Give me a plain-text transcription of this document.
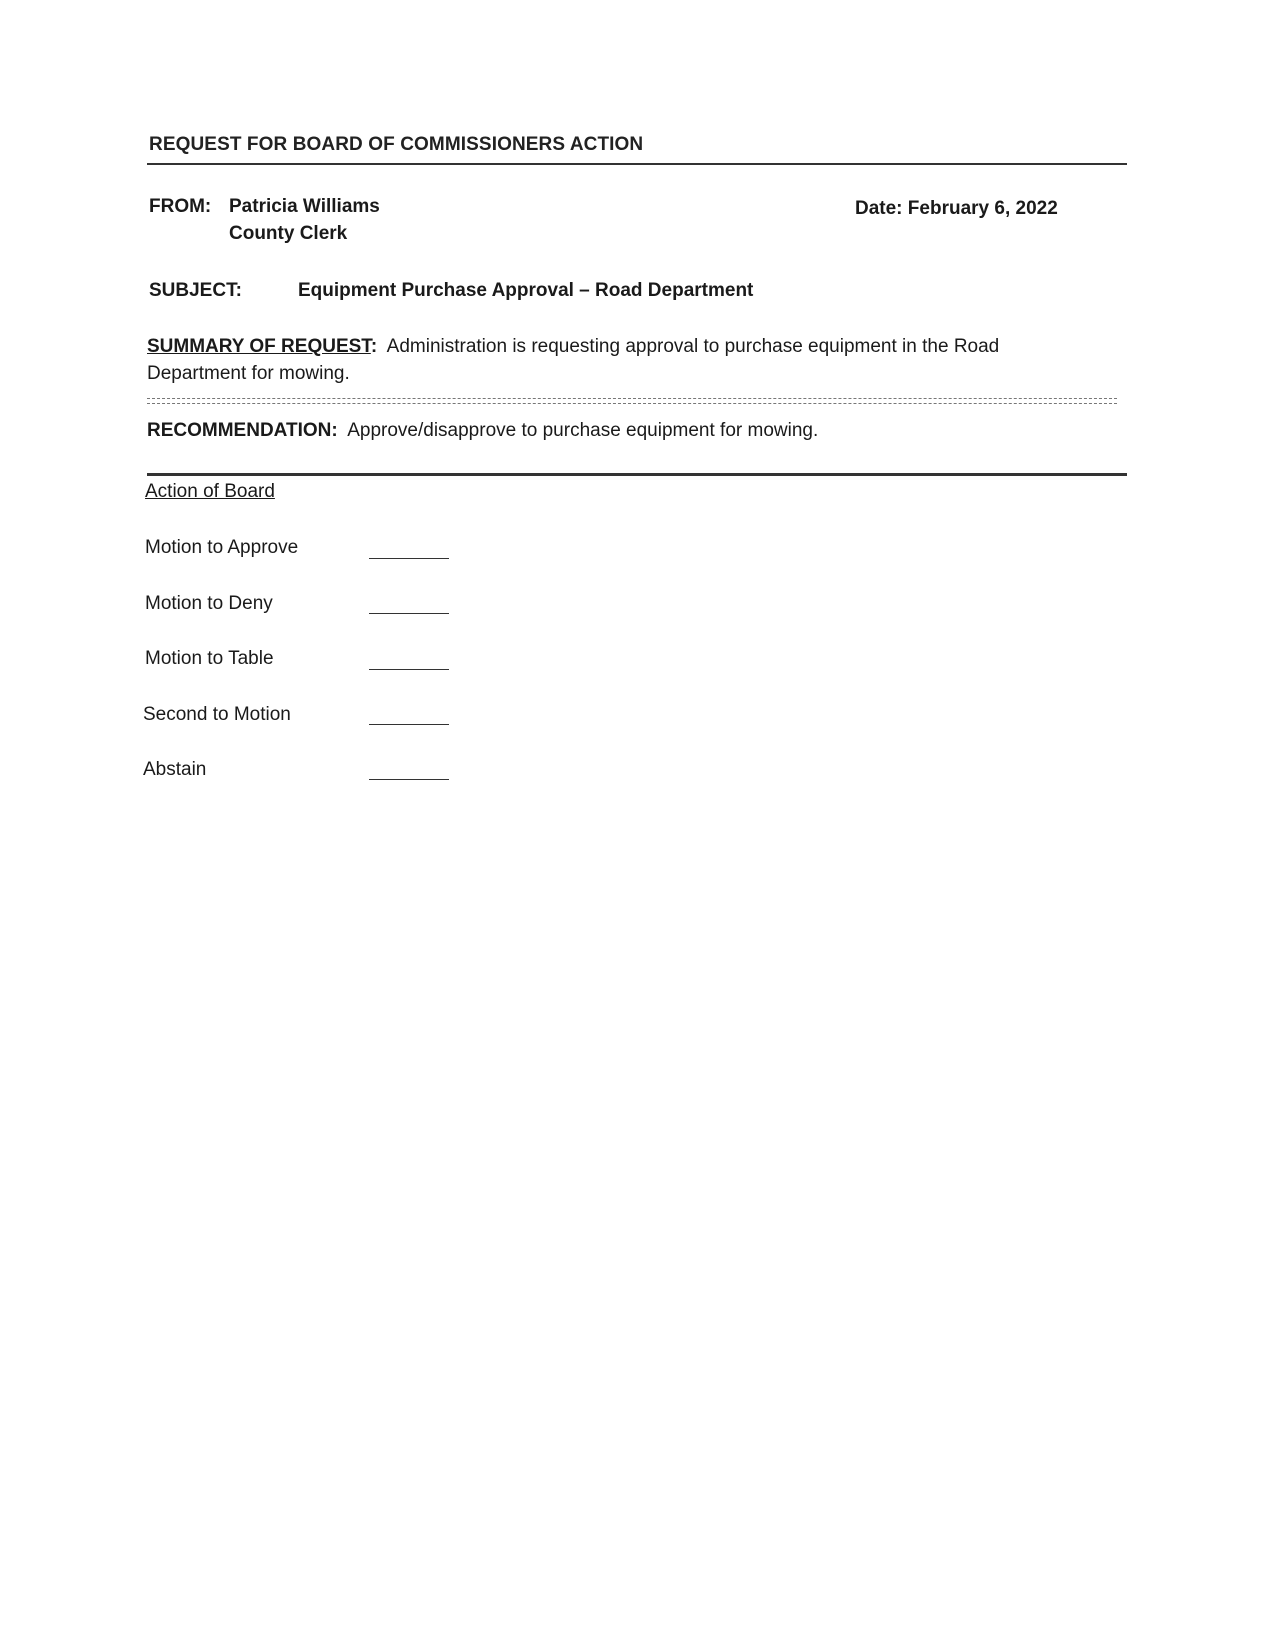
REQUEST FOR BOARD OF COMMISSIONERS ACTION
FROM: Patricia Williams
County Clerk
Date: February 6, 2022
SUBJECT:	Equipment Purchase Approval – Road Department
SUMMARY OF REQUEST: Administration is requesting approval to purchase equipment in the Road
Department for mowing.
RECOMMENDATION: Approve/disapprove to purchase equipment for mowing.
Action of Board
Motion to Approve
Motion to Deny
Motion to Table
Second to Motion
Abstain
